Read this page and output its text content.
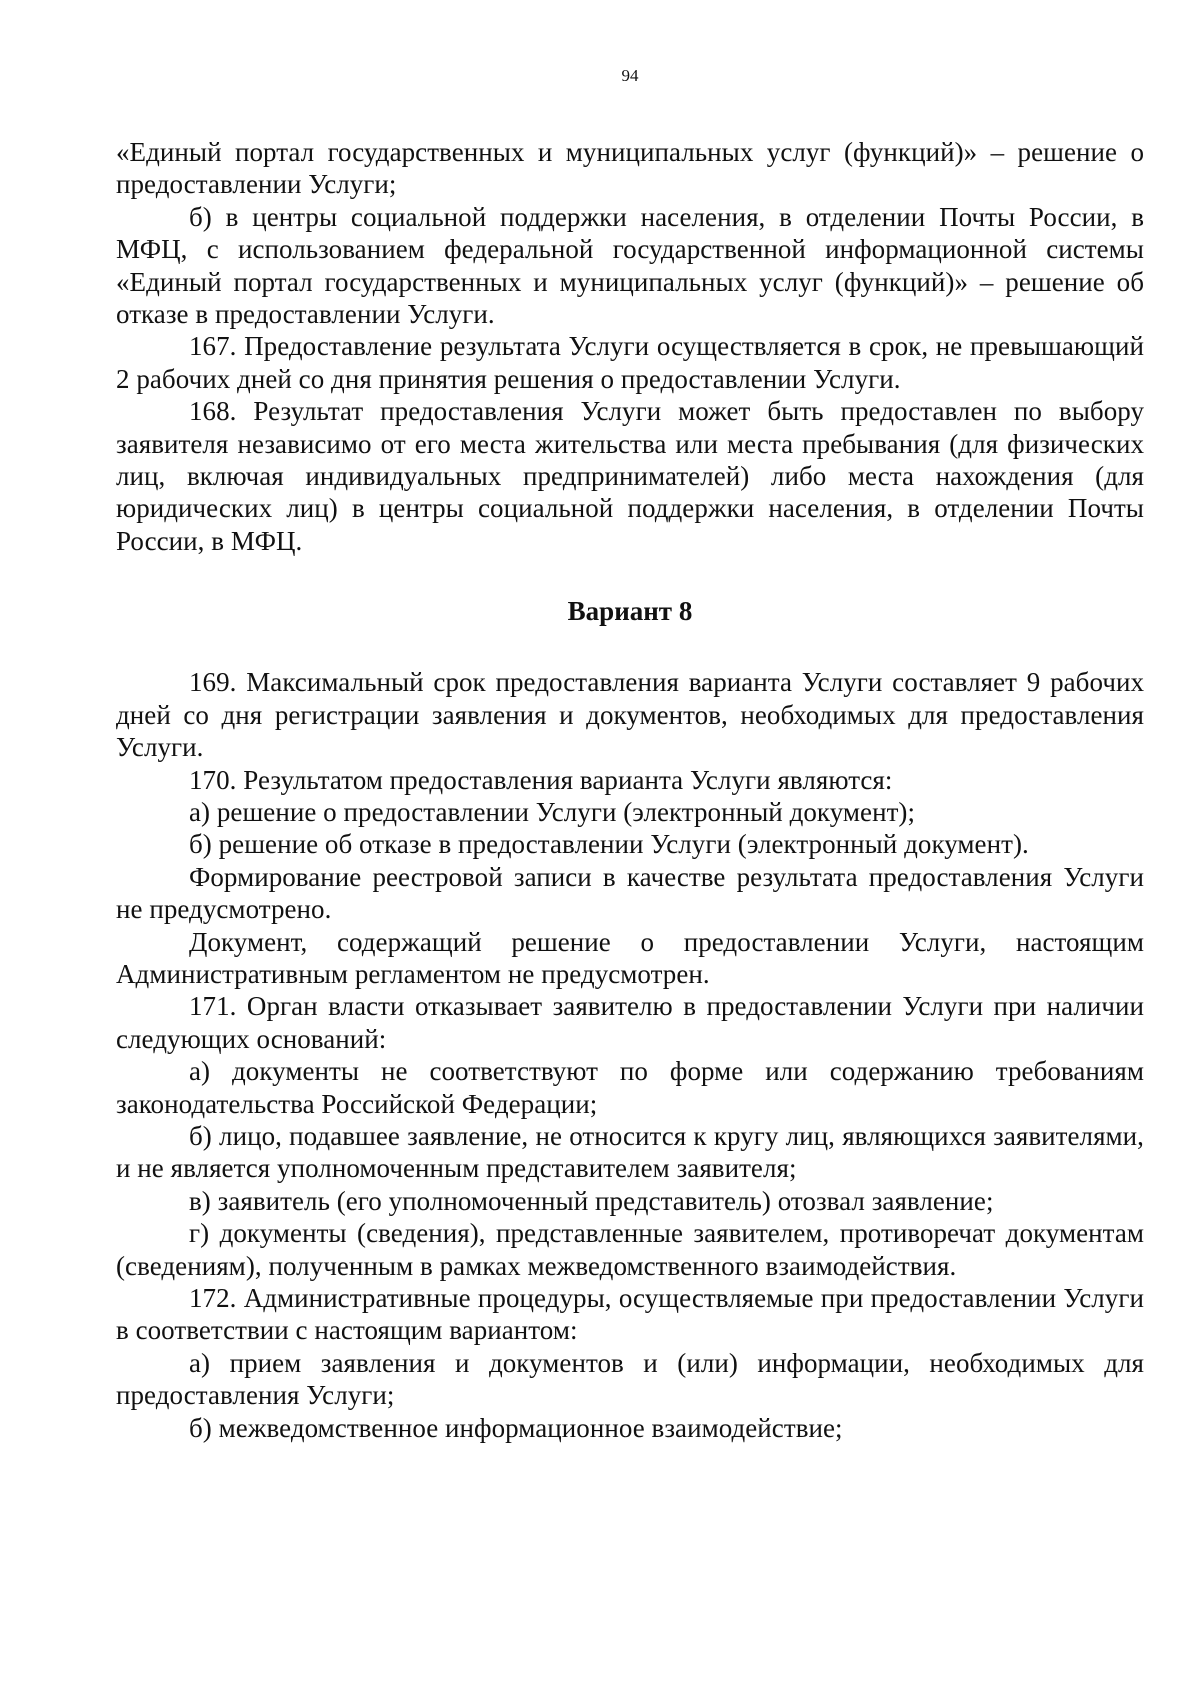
94

«Единый портал государственных и муниципальных услуг (функций)» – решение о предоставлении Услуги;

б) в центры социальной поддержки населения, в отделении Почты России, в МФЦ, с использованием федеральной государственной информационной системы «Единый портал государственных и муниципальных услуг (функций)» – решение об отказе в предоставлении Услуги.

167. Предоставление результата Услуги осуществляется в срок, не превышающий 2 рабочих дней со дня принятия решения о предоставлении Услуги.

168. Результат предоставления Услуги может быть предоставлен по выбору заявителя независимо от его места жительства или места пребывания (для физических лиц, включая индивидуальных предпринимателей) либо места нахождения (для юридических лиц) в центры социальной поддержки населения, в отделении Почты России, в МФЦ.

Вариант 8

169. Максимальный срок предоставления варианта Услуги составляет 9 рабочих дней со дня регистрации заявления и документов, необходимых для предоставления Услуги.

170. Результатом предоставления варианта Услуги являются:

а) решение о предоставлении Услуги (электронный документ);

б) решение об отказе в предоставлении Услуги (электронный документ).

Формирование реестровой записи в качестве результата предоставления Услуги не предусмотрено.

Документ, содержащий решение о предоставлении Услуги, настоящим Административным регламентом не предусмотрен.

171. Орган власти отказывает заявителю в предоставлении Услуги при наличии следующих оснований:

а) документы не соответствуют по форме или содержанию требованиям законодательства Российской Федерации;

б) лицо, подавшее заявление, не относится к кругу лиц, являющихся заявителями, и не является уполномоченным представителем заявителя;

в) заявитель (его уполномоченный представитель) отозвал заявление;

г) документы (сведения), представленные заявителем, противоречат документам (сведениям), полученным в рамках межведомственного взаимодействия.

172. Административные процедуры, осуществляемые при предоставлении Услуги в соответствии с настоящим вариантом:

а) прием заявления и документов и (или) информации, необходимых для предоставления Услуги;

б) межведомственное информационное взаимодействие;
